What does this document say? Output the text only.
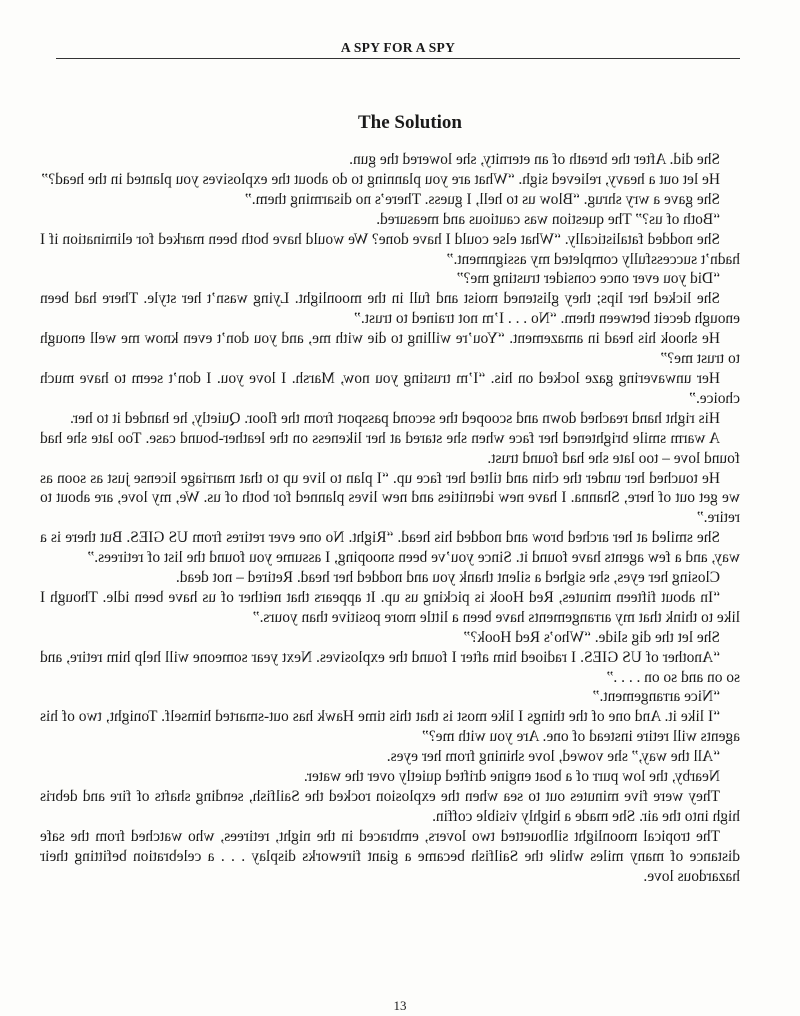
A SPY FOR A SPY
The Solution

She did. After the breath of an eternity, she lowered the gun.

He let out a heavy, relieved sigh. “What are you planning to do about the explosives you planted in the head?”

She gave a wry shrug. “Blow us to hell, I guess. There’s no disarming them.”

“Both of us?” The question was cautious and measured.

She nodded fatalistically. “What else could I have done? We would have both been marked for elimination if I hadn’t successfully completed my assignment.”

“Did you ever once consider trusting me?”

She licked her lips; they glistened moist and full in the moonlight. Lying wasn’t her style. There had been enough deceit between them. “No . . . I’m not trained to trust.”

He shook his head in amazement. “You’re willing to die with me, and you don’t even know me well enough to trust me?”

Her unwavering gaze locked on his. “I’m trusting you now, Marsh. I love you. I don’t seem to have much choice.”

His right hand reached down and scooped the second passport from the floor. Quietly, he handed it to her.

A warm smile brightened her face when she stared at her likeness on the leather-bound case. Too late she had found love – too late she had found trust.

He touched her under the chin and tilted her face up. “I plan to live up to that marriage license just as soon as we get out of here, Shanna. I have new identities and new lives planned for both of us. We, my love, are about to retire.”

She smiled at her arched brow and nodded his head. “Right. No one ever retires from US GIES. But there is a way, and a few agents have found it. Since you’ve been snooping, I assume you found the list of retirees.”

Closing her eyes, she sighed a silent thank you and nodded her head. Retired – not dead.

“In about fifteen minutes, Red Hook is picking us up. It appears that neither of us have been idle. Though I like to think that my arrangements have been a little more positive than yours.”

She let the dig slide. “Who’s Red Hook?”

“Another of US GIES. I radioed him after I found the explosives. Next year someone will help him retire, and so on and so on . . . .”

“Nice arrangement.”

“I like it. And one of the things I like most is that this time Hawk has out-smarted himself. Tonight, two of his agents will retire instead of one. Are you with me?”

“All the way,” she vowed, love shining from her eyes.

Nearby, the low purr of a boat engine drifted quietly over the water.

They were five minutes out to sea when the explosion rocked the Sailfish, sending shafts of fire and debris high into the air. She made a highly visible coffin.

The tropical moonlight silhouetted two lovers, embraced in the night, retirees, who watched from the safe distance of many miles while the Sailfish became a giant fireworks display . . . a celebration befitting their hazardous love.

13
